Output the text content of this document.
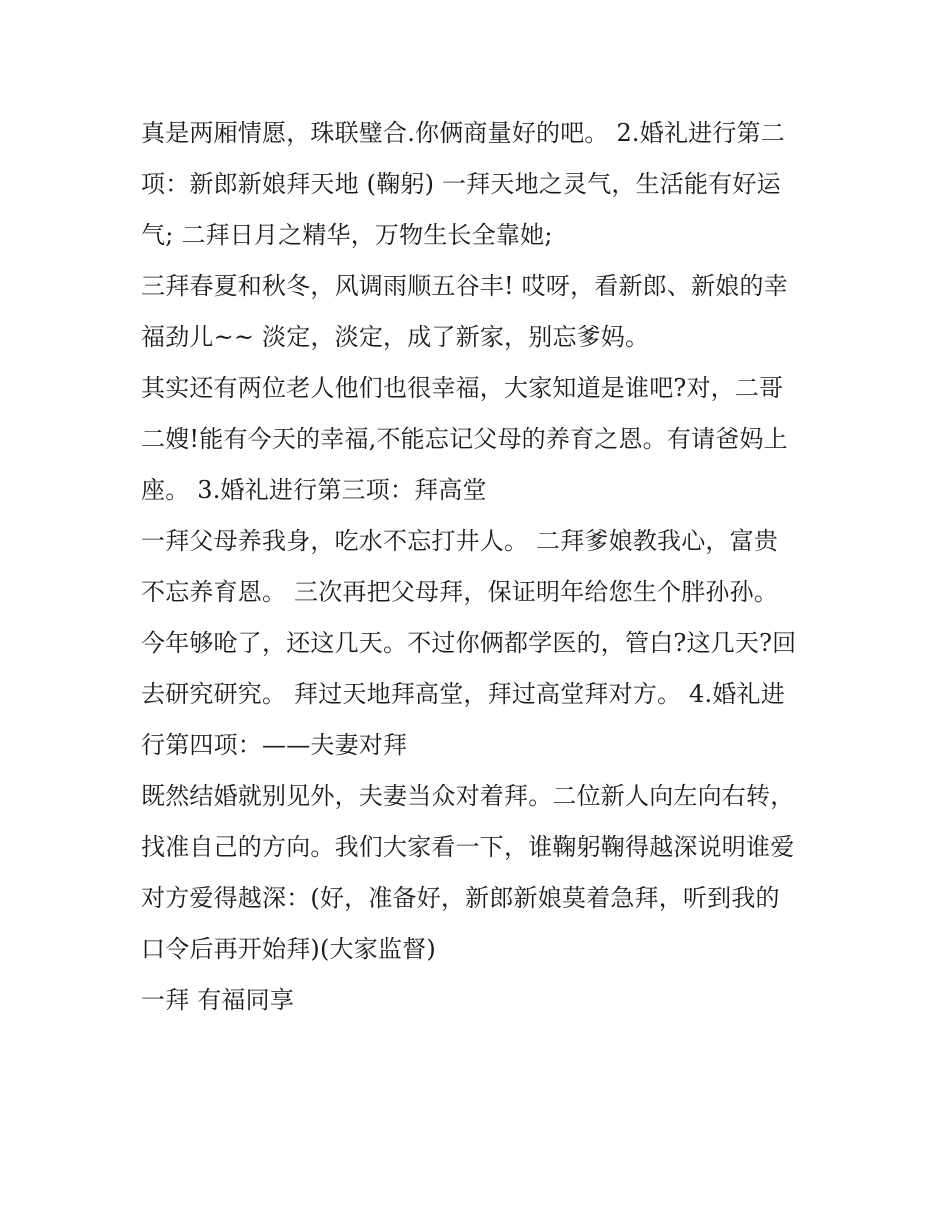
真是两厢情愿，珠联璧合.你俩商量好的吧。 2.婚礼进行第二
项：新郎新娘拜天地 (鞠躬) 一拜天地之灵气，生活能有好运
气; 二拜日月之精华，万物生长全靠她;
三拜春夏和秋冬，风调雨顺五谷丰! 哎呀，看新郎、新娘的幸
福劲儿~~ 淡定，淡定，成了新家，别忘爹妈。
其实还有两位老人他们也很幸福，大家知道是谁吧?对，二哥
二嫂!能有今天的幸福,不能忘记父母的养育之恩。有请爸妈上
座。 3.婚礼进行第三项：拜高堂
一拜父母养我身，吃水不忘打井人。 二拜爹娘教我心，富贵
不忘养育恩。 三次再把父母拜，保证明年给您生个胖孙孙。
今年够呛了，还这几天。不过你俩都学医的，管白?这几天?回
去研究研究。 拜过天地拜高堂，拜过高堂拜对方。 4.婚礼进
行第四项：——夫妻对拜
既然结婚就别见外，夫妻当众对着拜。二位新人向左向右转，
找准自己的方向。我们大家看一下，谁鞠躬鞠得越深说明谁爱
对方爱得越深：(好，准备好，新郎新娘莫着急拜，听到我的
口令后再开始拜)(大家监督)
一拜 有福同享
